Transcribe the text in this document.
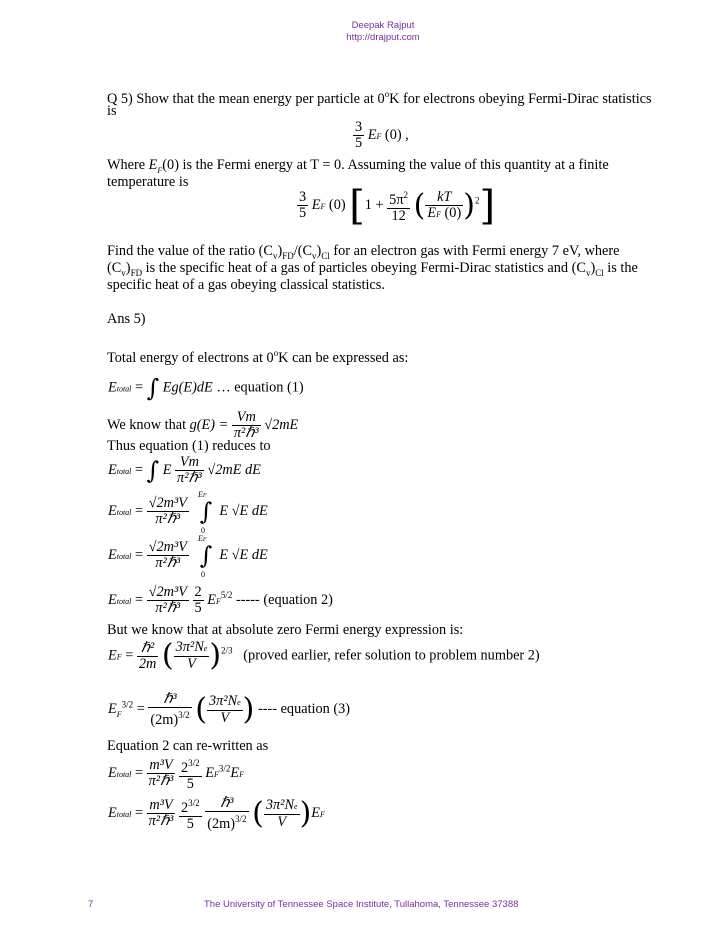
Deepak Rajput
http://drajput.com
Q 5) Show that the mean energy per particle at 0$^o$K for electrons obeying Fermi-Dirac statistics
is
$\frac{3}{5}$ EF (0) ,
Where $E_F(0)$ is the Fermi energy at T = 0. Assuming the value of this quantity at a finite
temperature is
$\frac{3}{5}$ EF (0) [$1 + \frac{5\pi^2}{12}$ ( $\frac{kT}{EF (0)} )^2$]
Find the value of the ratio $(C_v)_{FD}/(C_v)_{Cl}$ for an electron gas with Fermi energy 7 eV, where
$(C_v)_{FD}$ is the specific heat of a gas of particles obeying Fermi-Dirac statistics and $(C_v)_{Cl}$ is the
specific heat of a gas obeying classical statistics.
Ans 5)
Total energy of electrons at 0$^o$K can be expressed as:
Etotal = ∫ Eg(E)dE … equation (1)
We know that $g(E) = \frac{Vm}{\text{π²ℏ³}} √2mE$
Thus equation (1) reduces to
Etotal = ∫ E $\frac{Vm}{\text{π²ℏ³}} √2mE$ dE
Etotal = $\frac{\text{√2m³V}}{\text{π²ℏ³}}$ ∫ E √E dE
EF
0
Etotal = $\frac{\text{√2m³V}}{\text{π²ℏ³}}$ ∫ E √E dE
EF
0
Etotal = $\frac{\text{√2m³V}}{\text{π²ℏ³}}$
$\frac{2}{5} EF^{5/2}$ ----- (equation 2)
But we know that at absolute zero Fermi energy expression is:
EF = $\frac{\text{ℏ²}}{2m}$ ( $\frac{\text{3π²Ne}}{V} )^{2/3}$ (proved earlier, refer solution to problem number 2)
$E_F^{3/2} = \frac{\text{ℏ³}}{(2m)^{3/2}}$ ( $\frac{\text{3π²Ne}}{V}$ ) ---- equation (3)
Equation 2 can re-written as
Etotal = $\frac{\text{m³V}}{\text{π²ℏ³}}$
$\frac{2^{3/2}}{5} EF^{3/2}EF$
Etotal = $\frac{\text{m³V}}{\text{π²ℏ³}}$
$\frac{2^{3/2}}{5}$
$\frac{\text{ℏ³}}{(2m)^{3/2}}$ ( $\frac{\text{3π²Ne}}{V} )EF$
7	The University of Tennessee Space Institute, Tullahoma, Tennessee 37388
